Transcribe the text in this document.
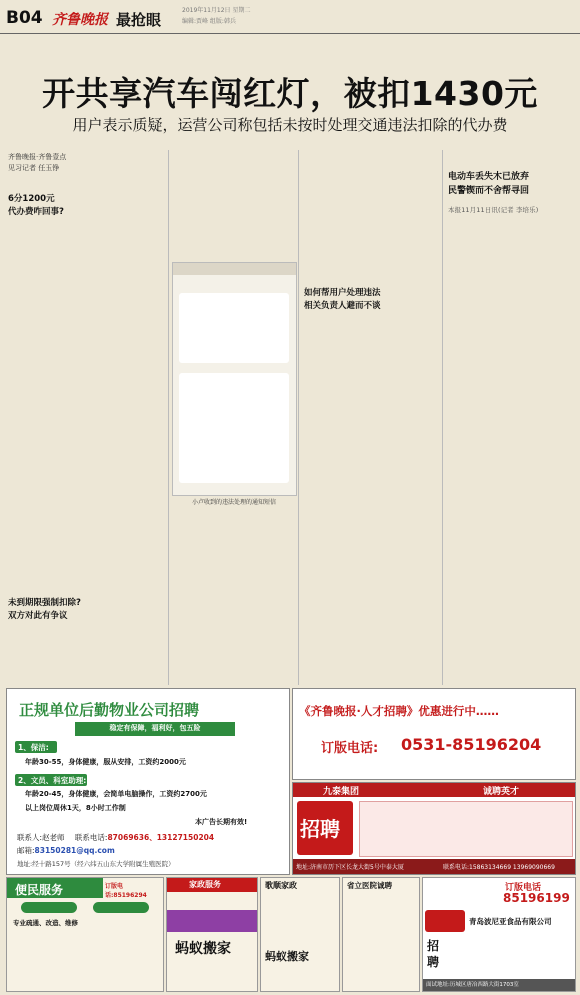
B04 齐鲁晚报 最抢眼
2019年11月12日 星期二
编辑:贾峰 组版:韩兵
开共享汽车闯红灯，被扣1430元
用户表示质疑，运营公司称包括未按时处理交通违法扣除的代办费
齐鲁晚报·齐鲁壹点
见习记者 任玉铮
6分1200元
代办费咋回事?
未到期限强制扣除?
双方对此有争议
小卢收到的违法处理的通知短信
如何帮用户处理违法
相关负责人避而不谈
电动车丢失木已放弃
民警锲而不舍帮寻回
本报11月11日讯(记者 李培乐)
正规单位后勤物业公司招聘
稳定有保障，福利好，包五险
1、保洁:
年龄30-55，身体健康，服从安排，工资约2000元
2、文员、科室助理:
年龄20-45，身体健康，会简单电脑操作，工资约2700元
以上岗位周休1天，8小时工作制
本广告长期有效!
联系人:赵老师 联系电话:87069636、13127150204
邮箱:83150281@qq.com
地址:经十路157号（经六纬五山东大学附属生殖医院）
《齐鲁晚报·人才招聘》优惠进行中……
订版电话: 0531-85196204
九泰集团	诚聘英才
招聘
地址:济南市历下区长龙大街5号中泰大厦	联系电话:15863134669 13969090669
便民服务	订版电话:85196294
专业疏通、改造、维修
家政服务
蚂蚁搬家
歌顺家政
蚂蚁搬家
省立医院诚聘	订版电话
85196199
青岛波尼亚食品有限公司
招聘
面试地址:历城区唐冶西路大街1703室
